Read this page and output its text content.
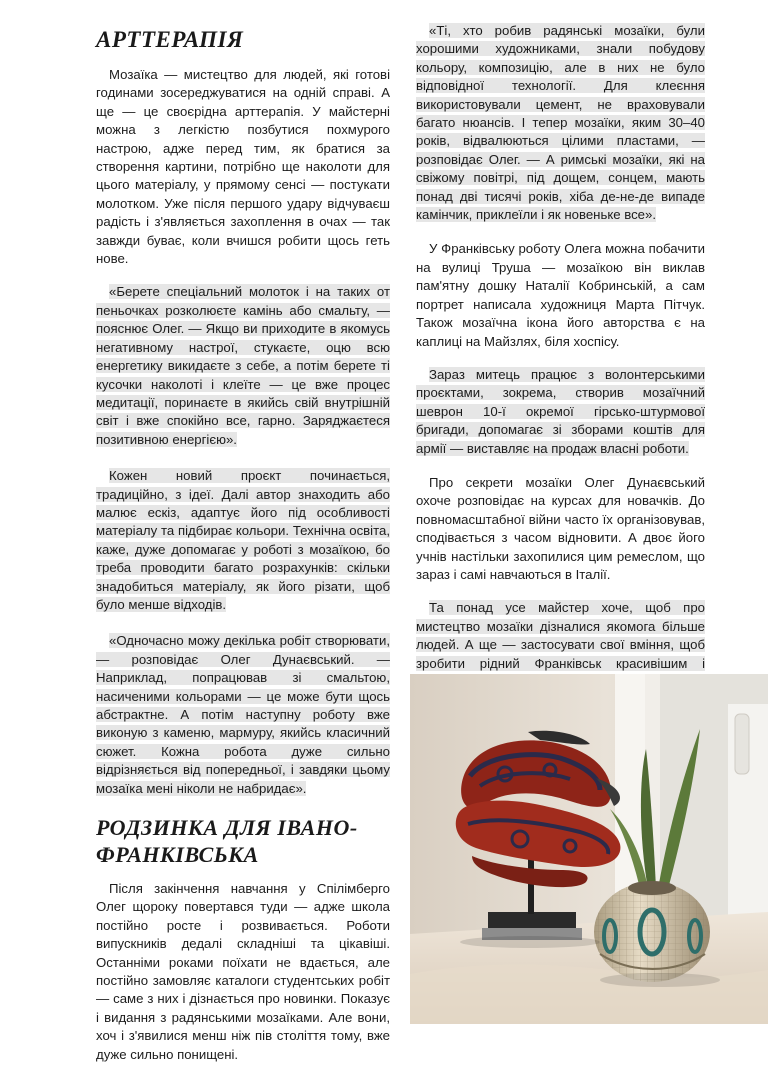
АРТТЕРАПІЯ

Мозаїка — мистецтво для людей, які готові годинами зосереджуватися на одній справі. А ще — це своєрідна арттерапія. У майстерні можна з легкістю позбутися похмурого настрою, адже перед тим, як братися за створення картини, потрібно ще наколоти для цього матеріалу, у прямому сенсі — постукати молотком. Уже після першого удару відчуваєш радість і з'являється захоплення в очах — так завжди буває, коли вчишся робити щось геть нове.

«Берете спеціальний молоток і на таких от пеньочках розколюєте камінь або смальту, — пояснює Олег. — Якщо ви приходите в якомусь негативному настрої, стукаєте, оцю всю енергетику викидаєте з себе, а потім берете ті кусочки наколоті і клеїте — це вже процес медитації, поринаєте в якийсь свій внутрішній світ і вже спокійно все, гарно. Заряджаєтеся позитивною енергією».

Кожен новий проєкт починається, традиційно, з ідеї. Далі автор знаходить або малює ескіз, адаптує його під особливості матеріалу та підбирає кольори. Технічна освіта, каже, дуже допомагає у роботі з мозаїкою, бо треба проводити багато розрахунків: скільки знадобиться матеріалу, як його різати, щоб було менше відходів.

«Одночасно можу декілька робіт створювати, — розповідає Олег Дунаєвський. — Наприклад, попрацював зі смальтою, насиченими кольорами — це може бути щось абстрактне. А потім наступну роботу вже виконую з каменю, мармуру, якийсь класичний сюжет. Кожна робота дуже сильно відрізняється від попередньої, і завдяки цьому мозаїка мені ніколи не набридає».

РОДЗИНКА ДЛЯ ІВАНО-ФРАНКІВСЬКА

Після закінчення навчання у Спілімберго Олег щороку повертався туди — адже школа постійно росте і розвивається. Роботи випускників дедалі складніші та цікавіші. Останніми роками поїхати не вдається, але постійно замовляє каталоги студентських робіт — саме з них і дізнається про новинки. Показує і видання з радянськими мозаїками. Але вони, хоч і з'явилися менш ніж пів століття тому, вже дуже сильно понищені.

«Ті, хто робив радянські мозаїки, були хорошими художниками, знали побудову кольору, композицію, але в них не було відповідної технології. Для клеєння використовували цемент, не враховували багато нюансів. І тепер мозаїки, яким 30–40 років, відвалюються цілими пластами, — розповідає Олег. — А римські мозаїки, які на свіжому повітрі, під дощем, сонцем, мають понад дві тисячі років, хіба де-не-де випаде камінчик, приклеїли і як новеньке все».

У Франківську роботу Олега можна побачити на вулиці Труша — мозаїкою він виклав пам'ятну дошку Наталії Кобринській, а сам портрет написала художниця Марта Пітчук. Також мозаїчна ікона його авторства є на каплиці на Майзлях, біля хоспісу.

Зараз митець працює з волонтерськими проєктами, зокрема, створив мозаїчний шеврон 10-ї окремої гірсько-штурмової бригади, допомагає зі зборами коштів для армії — виставляє на продаж власні роботи.

Про секрети мозаїки Олег Дунаєвський охоче розповідає на курсах для новачків. До повномасштабної війни часто їх організовував, сподівається з часом відновити. А двоє його учнів настільки захопилися цим ремеслом, що зараз і самі навчаються в Італії.

Та понад усе майстер хоче, щоб про мистецтво мозаїки дізналися якомога більше людей. А ще — застосувати свої вміння, щоб зробити рідний Франківськ красивішим і
